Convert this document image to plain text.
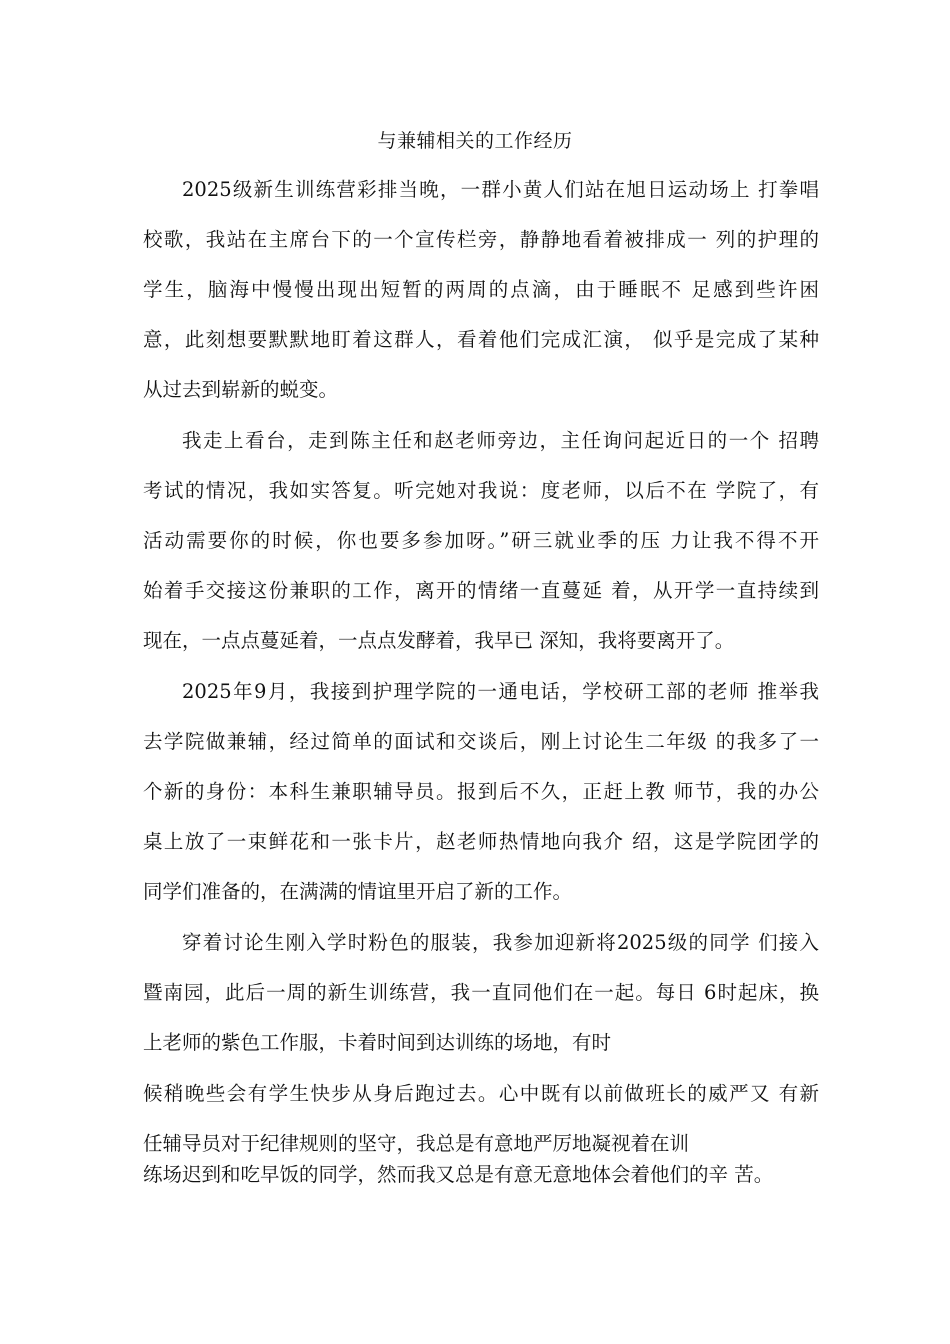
与兼辅相关的工作经历
2025级新生训练营彩排当晚，一群小黄人们站在旭日运动场上 打拳唱
校歌，我站在主席台下的一个宣传栏旁，静静地看着被排成一 列的护理的
学生，脑海中慢慢出现出短暂的两周的点滴，由于睡眠不 足感到些许困
意，此刻想要默默地盯着这群人，看着他们完成汇演， 似乎是完成了某种
从过去到崭新的蜕变。
我走上看台，走到陈主任和赵老师旁边，主任询问起近日的一个 招聘
考试的情况，我如实答复。听完她对我说：度老师，以后不在 学院了，有
活动需要你的时候，你也要多参加呀。”研三就业季的压 力让我不得不开
始着手交接这份兼职的工作，离开的情绪一直蔓延 着，从开学一直持续到
现在，一点点蔓延着，一点点发酵着，我早已 深知，我将要离开了。
2025年9月，我接到护理学院的一通电话，学校研工部的老师 推举我
去学院做兼辅，经过简单的面试和交谈后，刚上讨论生二年级 的我多了一
个新的身份：本科生兼职辅导员。报到后不久，正赶上教 师节，我的办公
桌上放了一束鲜花和一张卡片，赵老师热情地向我介 绍，这是学院团学的
同学们准备的，在满满的情谊里开启了新的工作。
穿着讨论生刚入学时粉色的服装，我参加迎新将2025级的同学 们接入
暨南园，此后一周的新生训练营，我一直同他们在一起。每日 6时起床，换
上老师的紫色工作服，卡着时间到达训练的场地，有时
候稍晚些会有学生快步从身后跑过去。心中既有以前做班长的威严又 有新
任辅导员对于纪律规则的坚守，我总是有意地严厉地凝视着在训
练场迟到和吃早饭的同学，然而我又总是有意无意地体会着他们的辛 苦。
